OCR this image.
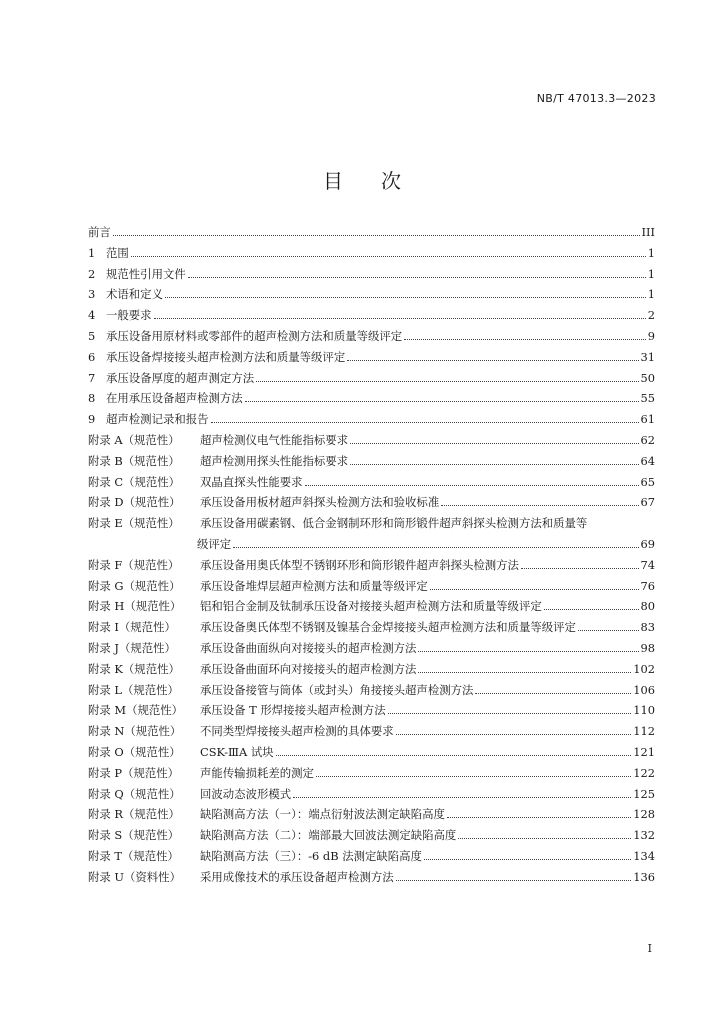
NB/T 47013.3—2023
目 次
前言	III
1 范围	1
2 规范性引用文件	1
3 术语和定义	1
4 一般要求	2
5 承压设备用原材料或零部件的超声检测方法和质量等级评定	9
6 承压设备焊接接头超声检测方法和质量等级评定	31
7 承压设备厚度的超声测定方法	50
8 在用承压设备超声检测方法	55
9 超声检测记录和报告	61
附录 A（规范性）	超声检测仪电气性能指标要求	62
附录 B（规范性）	超声检测用探头性能指标要求	64
附录 C（规范性）	双晶直探头性能要求	65
附录 D（规范性）	承压设备用板材超声斜探头检测方法和验收标准	67
附录 E（规范性）	承压设备用碳素钢、低合金钢制环形和筒形锻件超声斜探头检测方法和质量等
级评定	69
附录 F（规范性）	承压设备用奥氏体型不锈钢环形和筒形锻件超声斜探头检测方法	74
附录 G（规范性）	承压设备堆焊层超声检测方法和质量等级评定	76
附录 H（规范性）	铝和铝合金制及钛制承压设备对接接头超声检测方法和质量等级评定	80
附录 I（规范性）	承压设备奥氏体型不锈钢及镍基合金焊接接头超声检测方法和质量等级评定	83
附录 J（规范性）	承压设备曲面纵向对接接头的超声检测方法	98
附录 K（规范性）	承压设备曲面环向对接接头的超声检测方法	102
附录 L（规范性）	承压设备接管与筒体（或封头）角接接头超声检测方法	106
附录 M（规范性）	承压设备 T 形焊接接头超声检测方法	110
附录 N（规范性）	不同类型焊接接头超声检测的具体要求	112
附录 O（规范性）	CSK-ⅢA 试块	121
附录 P（规范性）	声能传输损耗差的测定	122
附录 Q（规范性）	回波动态波形模式	125
附录 R（规范性）	缺陷测高方法（一）：端点衍射波法测定缺陷高度	128
附录 S（规范性）	缺陷测高方法（二）：端部最大回波法测定缺陷高度	132
附录 T（规范性）	缺陷测高方法（三）：-6 dB 法测定缺陷高度	134
附录 U（资料性）	采用成像技术的承压设备超声检测方法	136
I
